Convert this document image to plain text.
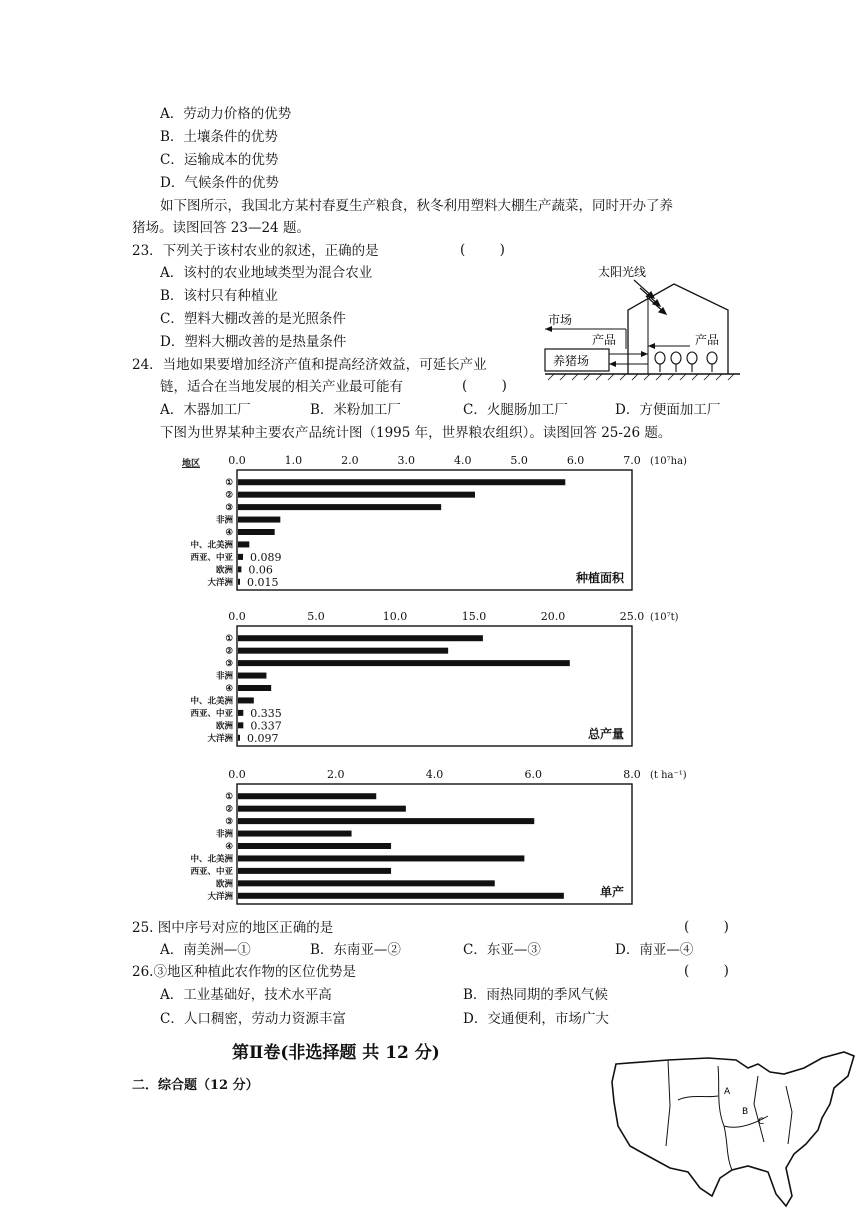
A．劳动力价格的优势
B．土壤条件的优势
C．运输成本的优势
D．气候条件的优势
如下图所示，我国北方某村春夏生产粮食，秋冬利用塑料大棚生产蔬菜，同时开办了养
猪场。读图回答 23—24 题。
23．下列关于该村农业的叙述，正确的是	(        )
A．该村的农业地域类型为混合农业
B．该村只有种植业
C．塑料大棚改善的是光照条件
D．塑料大棚改善的是热量条件
24．当地如果要增加经济产值和提高经济效益，可延长产业
链，适合在当地发展的相关产业最可能有	(        )
A．木器加工厂	B．米粉加工厂	C．火腿肠加工厂	D．方便面加工厂
太阳光线
养猪场
市场
产品	产品
下图为世界某种主要农产品统计图（1995 年，世界粮农组织）。读图回答 25-26 题。
0.0	1.0	2.0	3.0	4.0	5.0	6.0	7.0 (10⁷ha)
地区
①
②
③
非洲
④
中、北美洲
西亚、中亚 0.089
欧洲 0.06
大洋洲 0.015	种植面积
0.0	5.0	10.0	15.0	20.0	25.0 (10⁷t)
①
②
③
非洲
④
中、北美洲
西亚、中亚 0.335
欧洲 0.337
大洋洲 0.097	总产量
0.0	2.0	4.0	6.0	8.0 (t ha⁻¹)
①
②
③
非洲
④
中、北美洲
西亚、中亚
欧洲
大洋洲	单产
25. 图中序号对应的地区正确的是	(        )
A．南美洲—①	B．东南亚—②	C．东亚—③	D．南亚—④
26.③地区种植此农作物的区位优势是	(        )
A．工业基础好，技术水平高	B．雨热同期的季风气候
C．人口稠密，劳动力资源丰富	D．交通便利，市场广大
第Ⅱ卷(非选择题 共 12 分)
二．综合题（12 分）	A
B
C
